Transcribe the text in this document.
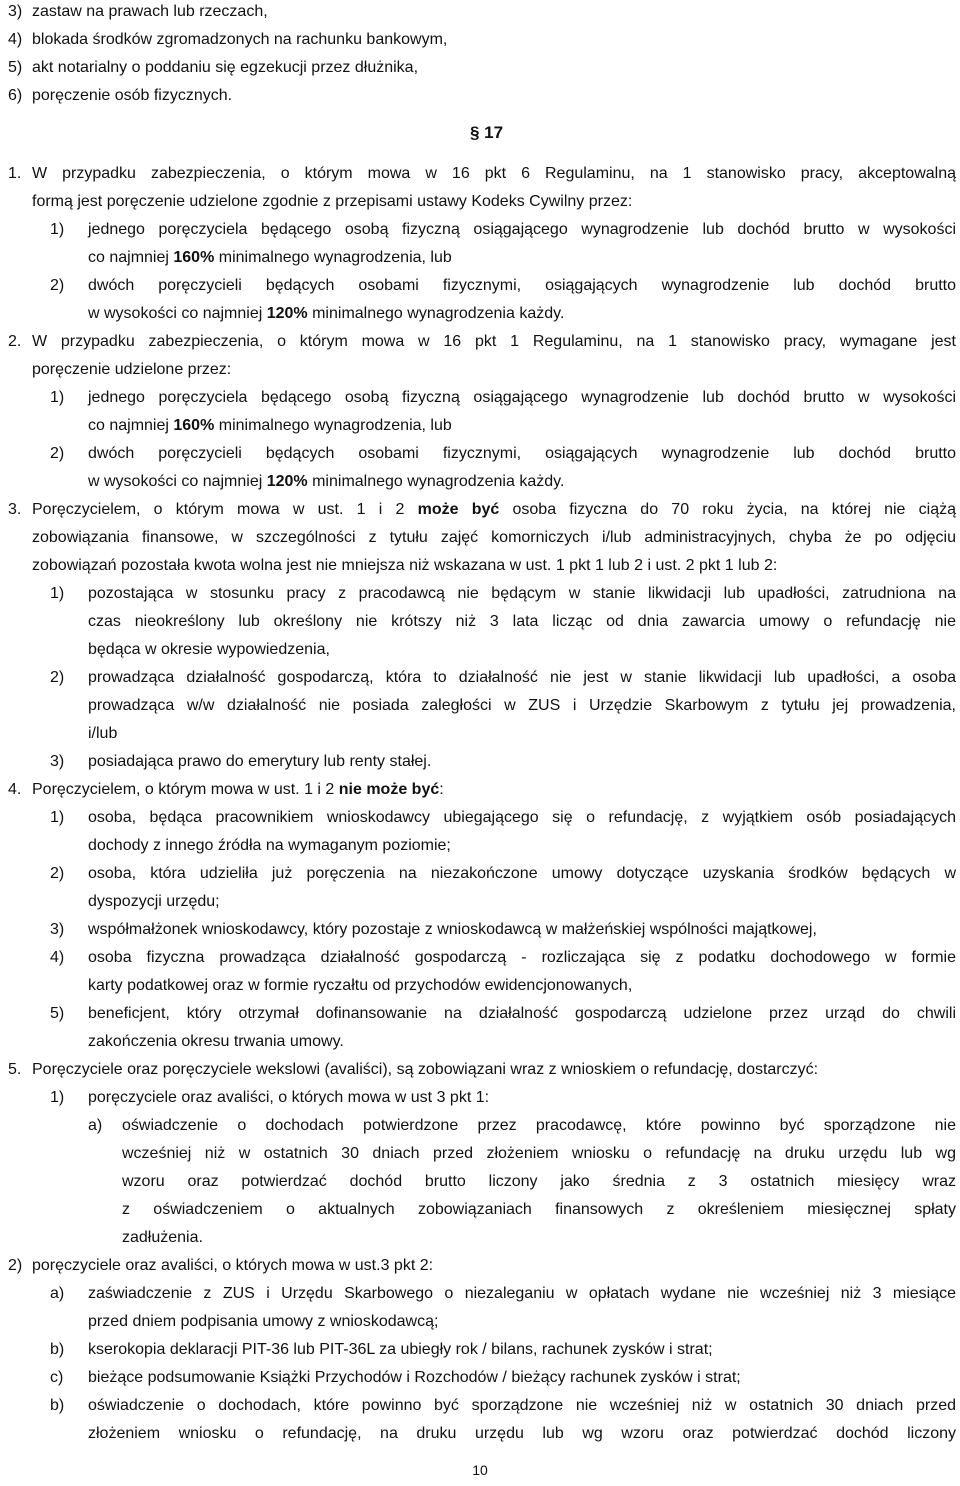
3) zastaw na prawach lub rzeczach,
4) blokada środków zgromadzonych na rachunku bankowym,
5) akt notarialny o poddaniu się egzekucji przez dłużnika,
6) poręczenie osób fizycznych.
§ 17
1. W przypadku zabezpieczenia, o którym mowa w 16 pkt 6 Regulaminu, na 1 stanowisko pracy, akceptowalną
formą jest poręczenie udzielone zgodnie z przepisami ustawy Kodeks Cywilny przez:
1) jednego poręczyciela będącego osobą fizyczną osiągającego wynagrodzenie lub dochód brutto w wysokości
co najmniej 160% minimalnego wynagrodzenia, lub
2) dwóch poręczycieli będących osobami fizycznymi, osiągających wynagrodzenie lub dochód brutto
w wysokości co najmniej 120% minimalnego wynagrodzenia każdy.
2. W przypadku zabezpieczenia, o którym mowa w 16 pkt 1 Regulaminu, na 1 stanowisko pracy, wymagane jest
poręczenie udzielone przez:
1) jednego poręczyciela będącego osobą fizyczną osiągającego wynagrodzenie lub dochód brutto w wysokości
co najmniej 160% minimalnego wynagrodzenia, lub
2) dwóch poręczycieli będących osobami fizycznymi, osiągających wynagrodzenie lub dochód brutto
w wysokości co najmniej 120% minimalnego wynagrodzenia każdy.
3. Poręczycielem, o którym mowa w ust. 1 i 2 może być osoba fizyczna do 70 roku życia, na której nie ciążą
zobowiązania finansowe, w szczególności z tytułu zajęć komorniczych i/lub administracyjnych, chyba że po odjęciu
zobowiązań pozostała kwota wolna jest nie mniejsza niż wskazana w ust. 1 pkt 1 lub 2 i ust. 2 pkt 1 lub 2:
1) pozostająca w stosunku pracy z pracodawcą nie będącym w stanie likwidacji lub upadłości, zatrudniona na
czas nieokreślony lub określony nie krótszy niż 3 lata licząc od dnia zawarcia umowy o refundację nie
będąca w okresie wypowiedzenia,
2) prowadząca działalność gospodarczą, która to działalność nie jest w stanie likwidacji lub upadłości, a osoba
prowadząca w/w działalność nie posiada zaległości w ZUS i Urzędzie Skarbowym z tytułu jej prowadzenia,
i/lub
3) posiadająca prawo do emerytury lub renty stałej.
4. Poręczycielem, o którym mowa w ust. 1 i 2 nie może być:
1) osoba, będąca pracownikiem wnioskodawcy ubiegającego się o refundację, z wyjątkiem osób posiadających
dochody z innego źródła na wymaganym poziomie;
2) osoba, która udzieliła już poręczenia na niezakończone umowy dotyczące uzyskania środków będących w
dyspozycji urzędu;
3) współmałżonek wnioskodawcy, który pozostaje z wnioskodawcą w małżeńskiej wspólności majątkowej,
4) osoba fizyczna prowadząca działalność gospodarczą - rozliczająca się z podatku dochodowego w formie
karty podatkowej oraz w formie ryczałtu od przychodów ewidencjonowanych,
5) beneficjent, który otrzymał dofinansowanie na działalność gospodarczą udzielone przez urząd do chwili
zakończenia okresu trwania umowy.
5. Poręczyciele oraz poręczyciele wekslowi (avaliści), są zobowiązani wraz z wnioskiem o refundację, dostarczyć:
1) poręczyciele oraz avaliści, o których mowa w ust 3 pkt 1:
a) oświadczenie o dochodach potwierdzone przez pracodawcę, które powinno być sporządzone nie
wcześniej niż w ostatnich 30 dniach przed złożeniem wniosku o refundację na druku urzędu lub wg
wzoru oraz potwierdzać dochód brutto liczony jako średnia z 3 ostatnich miesięcy wraz
z oświadczeniem o aktualnych zobowiązaniach finansowych z określeniem miesięcznej spłaty
zadłużenia.
2) poręczyciele oraz avaliści, o których mowa w ust.3 pkt 2:
a) zaświadczenie z ZUS i Urzędu Skarbowego o niezaleganiu w opłatach wydane nie wcześniej niż 3 miesiące
przed dniem podpisania umowy z wnioskodawcą;
b) kserokopia deklaracji PIT-36 lub PIT-36L za ubiegły rok / bilans, rachunek zysków i strat;
c) bieżące podsumowanie Książki Przychodów i Rozchodów / bieżący rachunek zysków i strat;
b) oświadczenie o dochodach, które powinno być sporządzone nie wcześniej niż w ostatnich 30 dniach przed
złożeniem wniosku o refundację, na druku urzędu lub wg wzoru oraz potwierdzać dochód liczony
10
